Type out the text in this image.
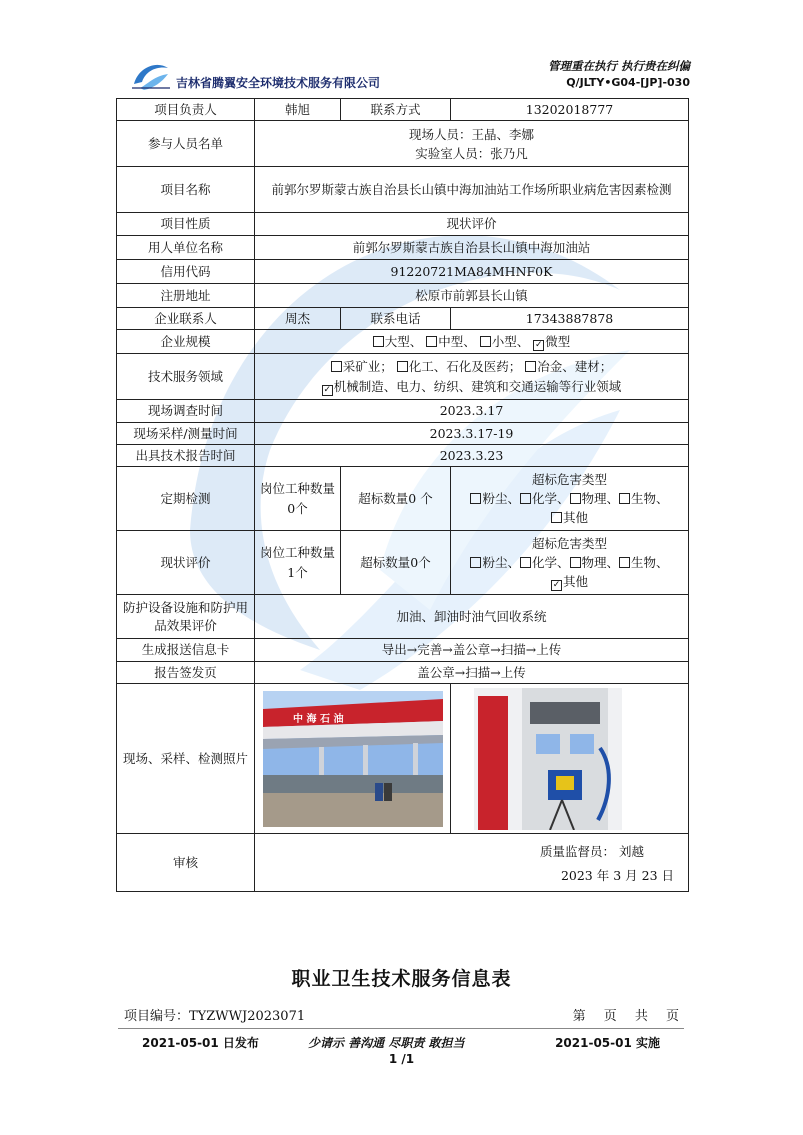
吉林省腾翼安全环境技术服务有限公司
管理重在执行 执行贵在纠偏
Q/JLTY•G04-[JP]-030
项目负责人	韩旭	联系方式	13202018777
参与人员名单	现场人员：王晶、李娜
实验室人员：张乃凡		

项目名称	前郭尔罗斯蒙古族自治县长山镇中海加油站工作场所职业病危害因素检测		
项目性质	现状评价		
用人单位名称	前郭尔罗斯蒙古族自治县长山镇中海加油站		
信用代码	91220721MA84MHNF0K		
注册地址	松原市前郭县长山镇		
企业联系人	周杰	联系电话	17343887878
企业规模	大型、 中型、 小型、 ✓ 微型		
技术服务领域	采矿业； 化工、石化及医药； 冶金、建材；
✓ 机械制造、电力、纺织、建筑和交通运输等行业领域		

现场调查时间	2023.3.17		
现场采样/测量时间	2023.3.17-19		
出具技术报告时间	2023.3.23		
定期检测	岗位工种数量0个	超标数量0 个	超标危害类型
粉尘、 化学、 物理、 生物、
其他

现状评价	岗位工种数量1个	超标数量0个	超标危害类型
粉尘、 化学、 物理、 生物、
✓ 其他

防护设备设施和防护用品效果评价	加油、卸油时油气回收系统		
生成报送信息卡	导出→完善→盖公章→扫描→上传		
报告签发页	盖公章→扫描→上传		
现场、采样、检测照片	中 海 石 油

审核	质量监督员： 刘越
2023 年 3 月 23 日		
职业卫生技术服务信息表
项目编号：TYZWWJ2023071	第 页 共 页
2021-05-01 日发布	少请示 善沟通 尽职责 敢担当	2021-05-01 实施
1 /1
